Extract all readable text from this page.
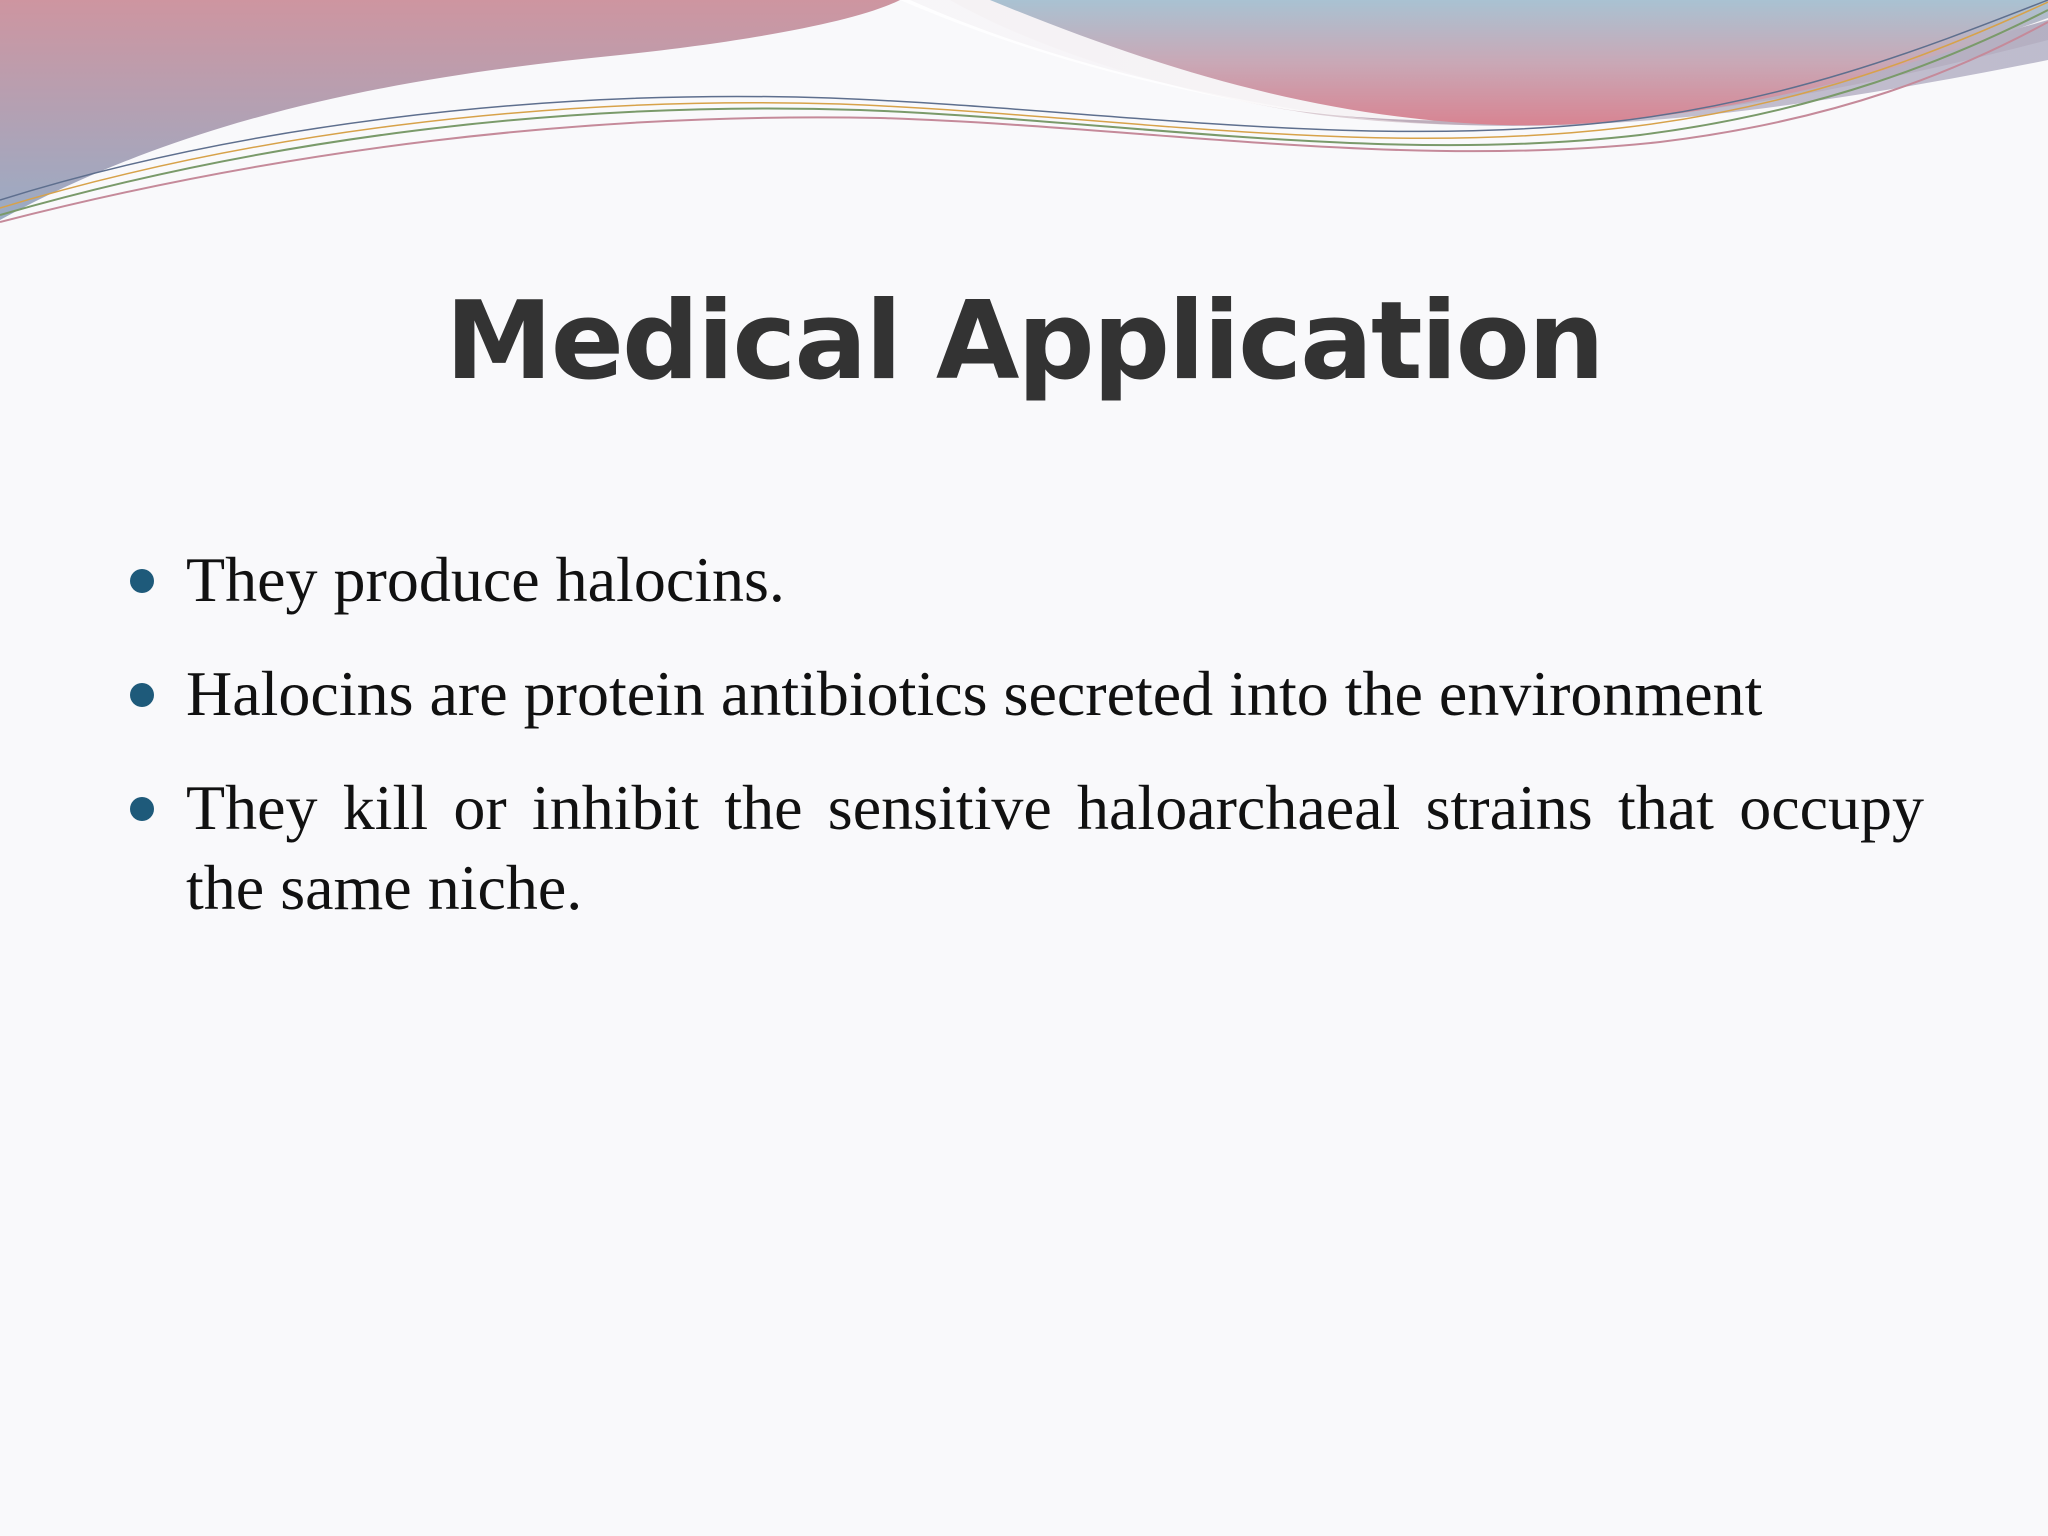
Medical Application
They produce halocins.
Halocins are protein antibiotics secreted into the environment
They kill or inhibit the sensitive haloarchaeal strains that occupy the same niche.
